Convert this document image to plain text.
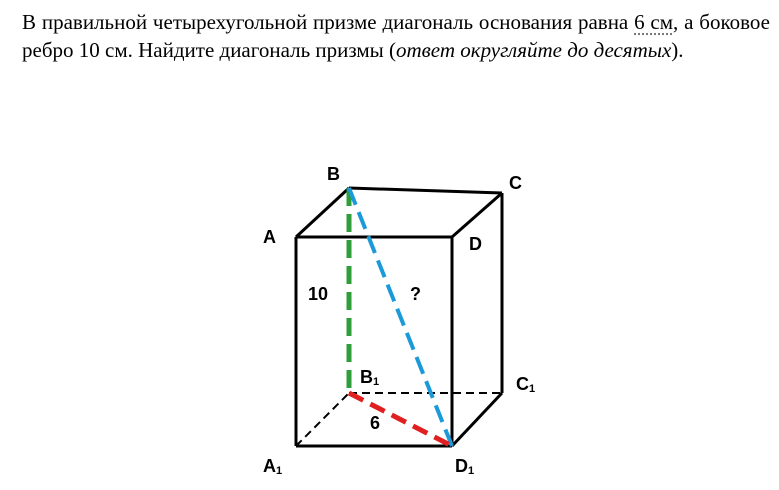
В правильной четырехугольной призме диагональ основания равна 6 см, а боковое ребро 10 см. Найдите диагональ призмы (ответ округляйте до десятых).
B	C
A	D
B1	C1
A1	D1
10
6
?
